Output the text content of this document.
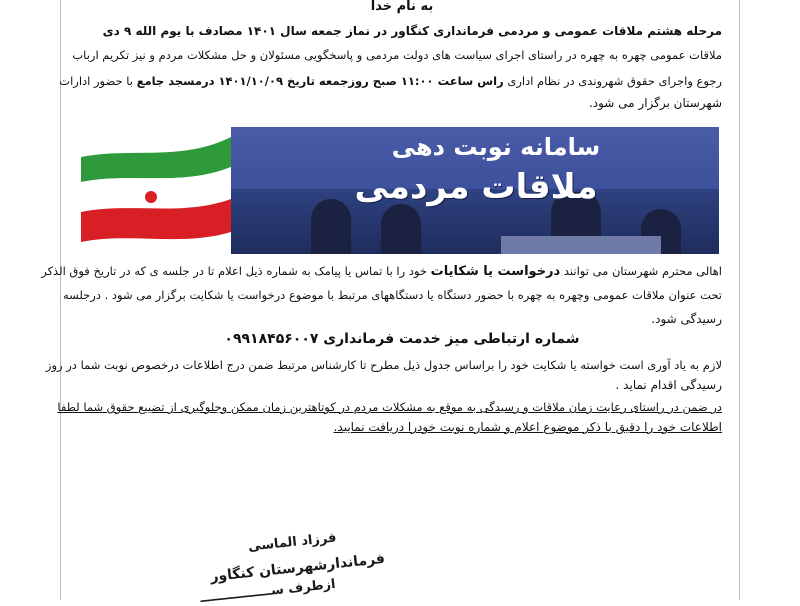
به نام خدا
مرحله هشتم ملاقات عمومی و مردمی فرمانداری کنگاور در نماز جمعه سال ۱۴۰۱ مصادف با یوم الله ۹ دی
ملاقات عمومی چهره به چهره در راستای اجرای سیاست های دولت مردمی و پاسخگویی مسئولان و حل مشکلات مردم و نیز تکریم ارباب
رجوع واجرای حقوق شهروندی در نظام اداری راس ساعت ۱۱:۰۰ صبح روزجمعه تاریخ ۱۴۰۱/۱۰/۰۹ درمسجد جامع با حضور ادارات
شهرستان برگزار می شود.
اهالی محترم شهرستان می توانند درخواست یا شکایات خود را با تماس یا پیامک به شماره ذیل اعلام تا در جلسه ی که در تاریخ فوق الذکر
تحت عنوان ملاقات عمومی وچهره به چهره با حضور دستگاه یا دستگاههای مرتبط با موضوع درخواست یا شکایت برگزار می شود . درجلسه
رسیدگی شود.
شماره ارتباطی میز خدمت فرمانداری ۰۹۹۱۸۴۵۶۰۰۷
لازم به یاد آوری است خواسته یا شکایت خود را براساس جدول ذیل مطرح تا کارشناس مرتبط ضمن درج اطلاعات درخصوص نوبت شما در روز
رسیدگی اقدام نماید .
در ضمن در راستای رعایت زمان ملاقات و رسیدگی به موقع به مشکلات مردم در کوتاهترین زمان ممکن وجلوگیری از تضییع حقوق شما لطفا
اطلاعات خود را دقیق با ذکر موضوع اعلام و شماره نوبت خودرا دریافت نمایید.
سامانه نوبت دهی
ملاقات مردمی
فرزاد الماسی
فرماندارشهرستان کنگاور
ازطرف ســــــــــــــــ
